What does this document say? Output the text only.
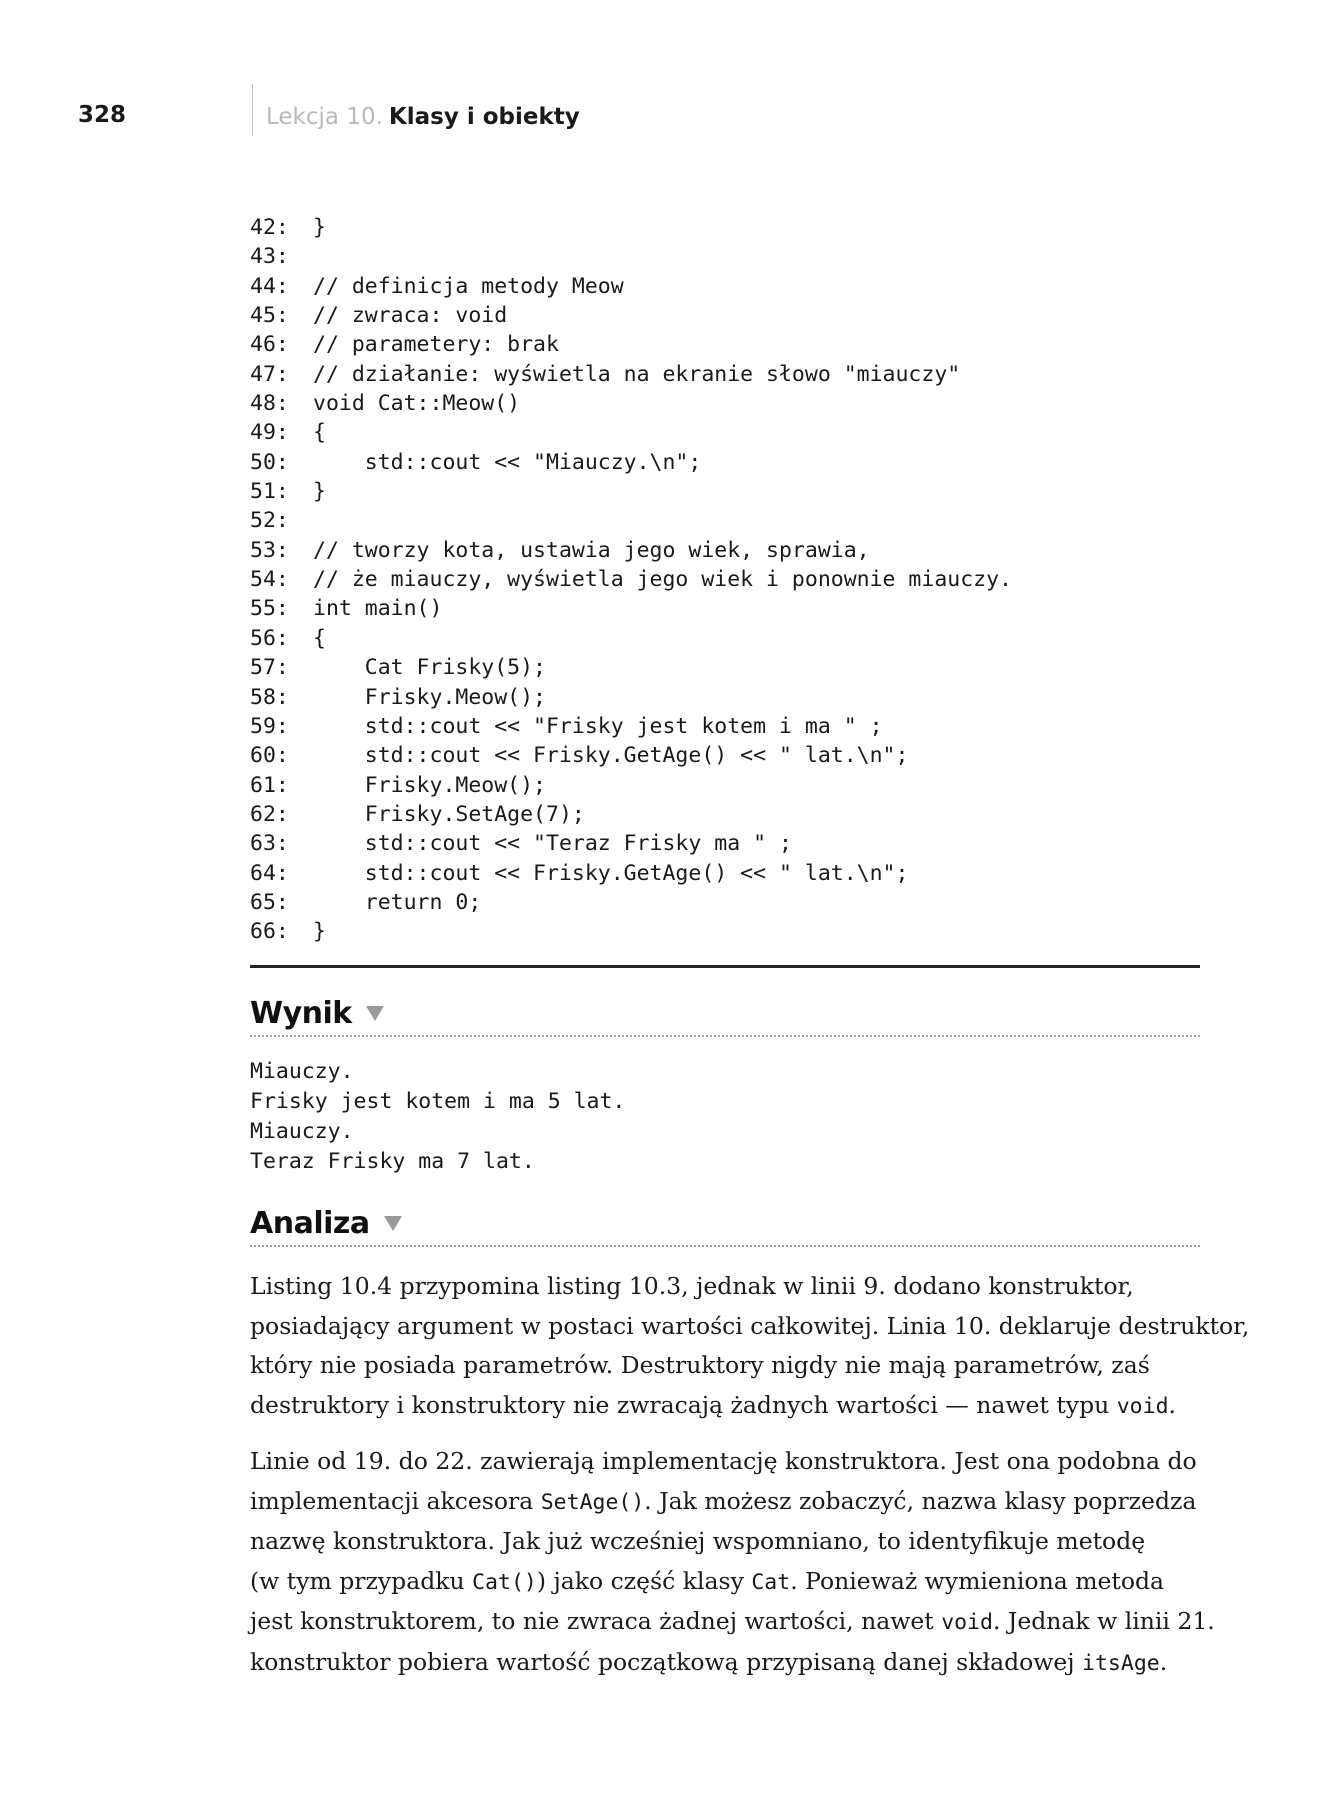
328	Lekcja 10. Klasy i obiekty
42: }
43:
44: // definicja metody Meow
45: // zwraca: void
46: // parametery: brak
47: // działanie: wyświetla na ekranie słowo "miauczy"
48: void Cat::Meow()
49: {
50:    std::cout << "Miauczy.\n";
51: }
52:
53: // tworzy kota, ustawia jego wiek, sprawia,
54: // że miauczy, wyświetla jego wiek i ponownie miauczy.
55: int main()
56: {
57:    Cat Frisky(5);
58:    Frisky.Meow();
59:    std::cout << "Frisky jest kotem i ma " ;
60:    std::cout << Frisky.GetAge() << " lat.\n";
61:    Frisky.Meow();
62:    Frisky.SetAge(7);
63:    std::cout << "Teraz Frisky ma " ;
64:    std::cout << Frisky.GetAge() << " lat.\n";
65:    return 0;
66: }
Wynik
Miauczy.
Frisky jest kotem i ma 5 lat.
Miauczy.
Teraz Frisky ma 7 lat.
Analiza

Listing 10.4 przypomina listing 10.3, jednak w linii 9. dodano konstruktor,
posiadający argument w postaci wartości całkowitej. Linia 10. deklaruje destruktor,
który nie posiada parametrów. Destruktory nigdy nie mają parametrów, zaś
destruktory i konstruktory nie zwracają żadnych wartości — nawet typu void.

Linie od 19. do 22. zawierają implementację konstruktora. Jest ona podobna do
implementacji akcesora SetAge(). Jak możesz zobaczyć, nazwa klasy poprzedza
nazwę konstruktora. Jak już wcześniej wspomniano, to identyfikuje metodę
(w tym przypadku Cat()) jako część klasy Cat. Ponieważ wymieniona metoda
jest konstruktorem, to nie zwraca żadnej wartości, nawet void. Jednak w linii 21.
konstruktor pobiera wartość początkową przypisaną danej składowej itsAge.
